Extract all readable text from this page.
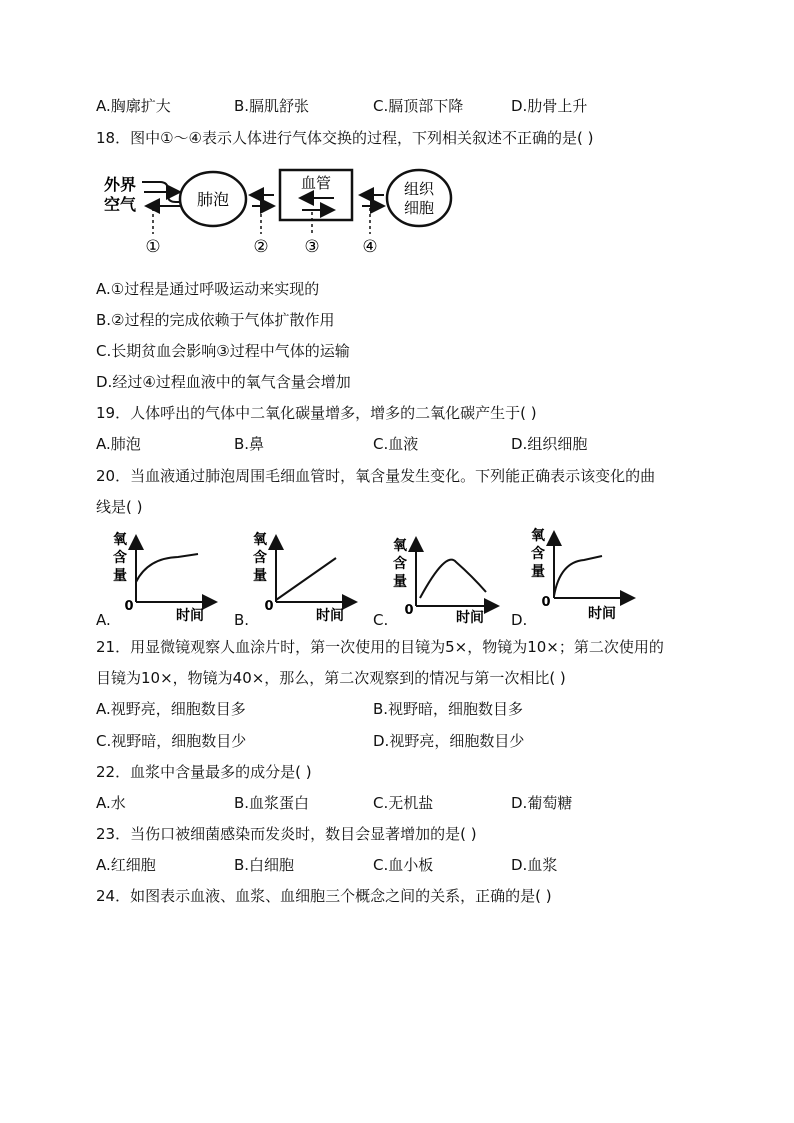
A.胸廓扩大	B.膈肌舒张	C.膈顶部下降	D.肋骨上升
18．图中①～④表示人体进行气体交换的过程，下列相关叙述不正确的是( )
外界
空气	肺泡
血管	组织
细胞
①	② ③	④
A.①过程是通过呼吸运动来实现的
B.②过程的完成依赖于气体扩散作用
C.长期贫血会影响③过程中气体的运输
D.经过④过程血液中的氧气含量会增加
19．人体呼出的气体中二氧化碳量增多，增多的二氧化碳产生于( )
A.肺泡	B.鼻	C.血液	D.组织细胞
20．当血液通过肺泡周围毛细血管时，氧含量发生变化。下列能正确表示该变化的曲
线是( )
氧
含
量
0
时间
A.
氧
含
量
0
时间
B.
氧
含
量
0	时间
C.
氧
含
量
0
时间
D.
21．用显微镜观察人血涂片时，第一次使用的目镜为5×，物镜为10×；第二次使用的
目镜为10×，物镜为40×，那么，第二次观察到的情况与第一次相比( )
A.视野亮，细胞数目多	B.视野暗，细胞数目多
C.视野暗，细胞数目少	D.视野亮，细胞数目少
22．血浆中含量最多的成分是( )
A.水	B.血浆蛋白	C.无机盐	D.葡萄糖
23．当伤口被细菌感染而发炎时，数目会显著增加的是( )
A.红细胞	B.白细胞	C.血小板	D.血浆
24．如图表示血液、血浆、血细胞三个概念之间的关系，正确的是( )
